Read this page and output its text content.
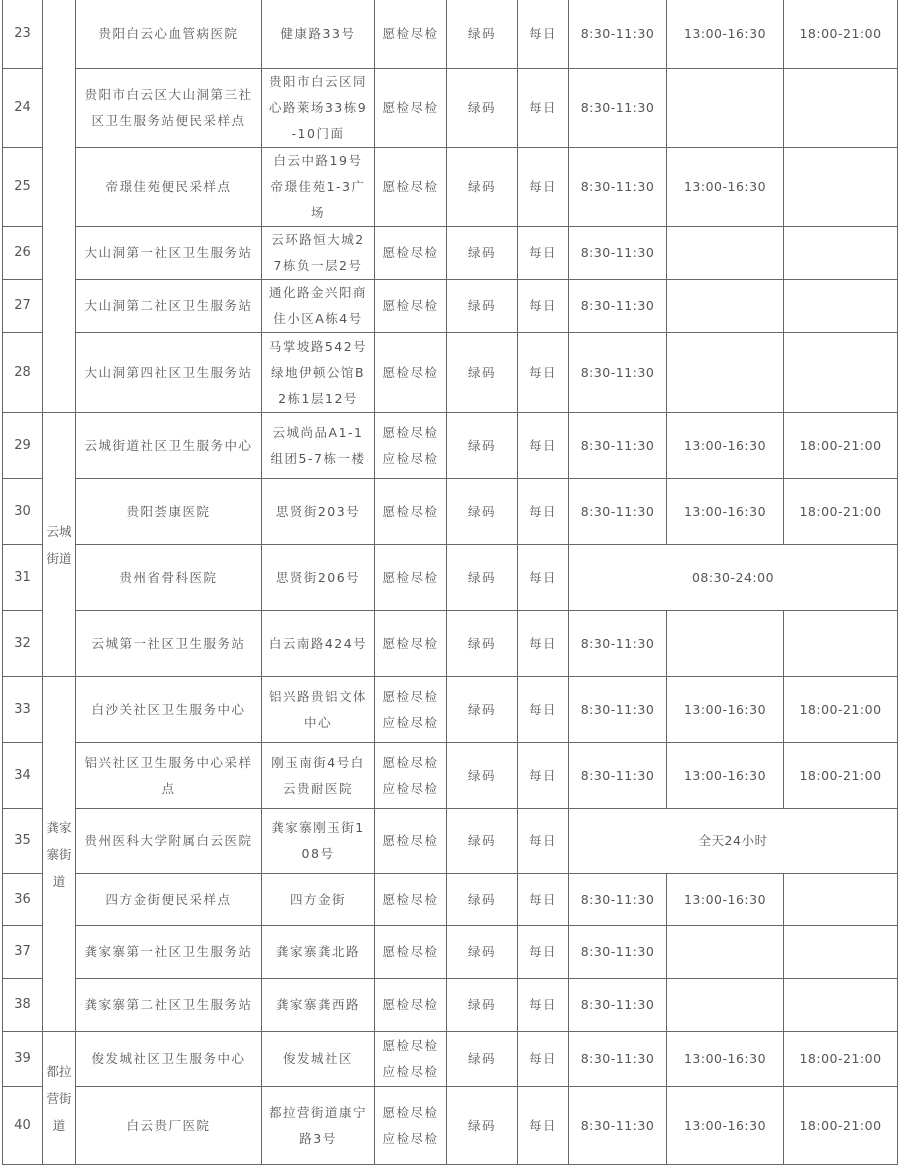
23		贵阳白云心血管病医院	健康路33号	愿检尽检	绿码	每日	8:30-11:30	13:00-16:30	18:00-21:00
24		贵阳市白云区大山洞第三社区卫生服务站便民采样点	贵阳市白云区同心路莱场33栋9-10门面	愿检尽检	绿码	每日	8:30-11:30		
25		帝璟佳苑便民采样点	白云中路19号帝璟佳苑1-3广场	愿检尽检	绿码	每日	8:30-11:30	13:00-16:30	
26		大山洞第一社区卫生服务站	云环路恒大城27栋负一层2号	愿检尽检	绿码	每日	8:30-11:30		
27		大山洞第二社区卫生服务站	通化路金兴阳商住小区A栋4号	愿检尽检	绿码	每日	8:30-11:30		
28		大山洞第四社区卫生服务站	马掌坡路542号绿地伊顿公馆B2栋1层12号	愿检尽检	绿码	每日	8:30-11:30		
29	云城街道	云城街道社区卫生服务中心	云城尚品A1-1组团5-7栋一楼	愿检尽检应检尽检	绿码	每日	8:30-11:30	13:00-16:30	18:00-21:00
30		贵阳荟康医院	思贤街203号	愿检尽检	绿码	每日	8:30-11:30	13:00-16:30	18:00-21:00
31		贵州省骨科医院	思贤街206号	愿检尽检	绿码	每日	08:30-24:00		
32		云城第一社区卫生服务站	白云南路424号	愿检尽检	绿码	每日	8:30-11:30		
33	龚家寨街道	白沙关社区卫生服务中心	铝兴路贵铝文体中心	愿检尽检应检尽检	绿码	每日	8:30-11:30	13:00-16:30	18:00-21:00
34		铝兴社区卫生服务中心采样点	刚玉南街4号白云贵耐医院	愿检尽检应检尽检	绿码	每日	8:30-11:30	13:00-16:30	18:00-21:00
35		贵州医科大学附属白云医院	龚家寨刚玉街108号	愿检尽检	绿码	每日	全天24小时		
36		四方金街便民采样点	四方金街	愿检尽检	绿码	每日	8:30-11:30	13:00-16:30	
37		龚家寨第一社区卫生服务站	龚家寨龚北路	愿检尽检	绿码	每日	8:30-11:30		
38		龚家寨第二社区卫生服务站	龚家寨龚西路	愿检尽检	绿码	每日	8:30-11:30		
39	都拉营街道	俊发城社区卫生服务中心	俊发城社区	愿检尽检应检尽检	绿码	每日	8:30-11:30	13:00-16:30	18:00-21:00
40		白云贵厂医院	都拉营街道康宁路3号	愿检尽检应检尽检	绿码	每日	8:30-11:30	13:00-16:30	18:00-21:00
